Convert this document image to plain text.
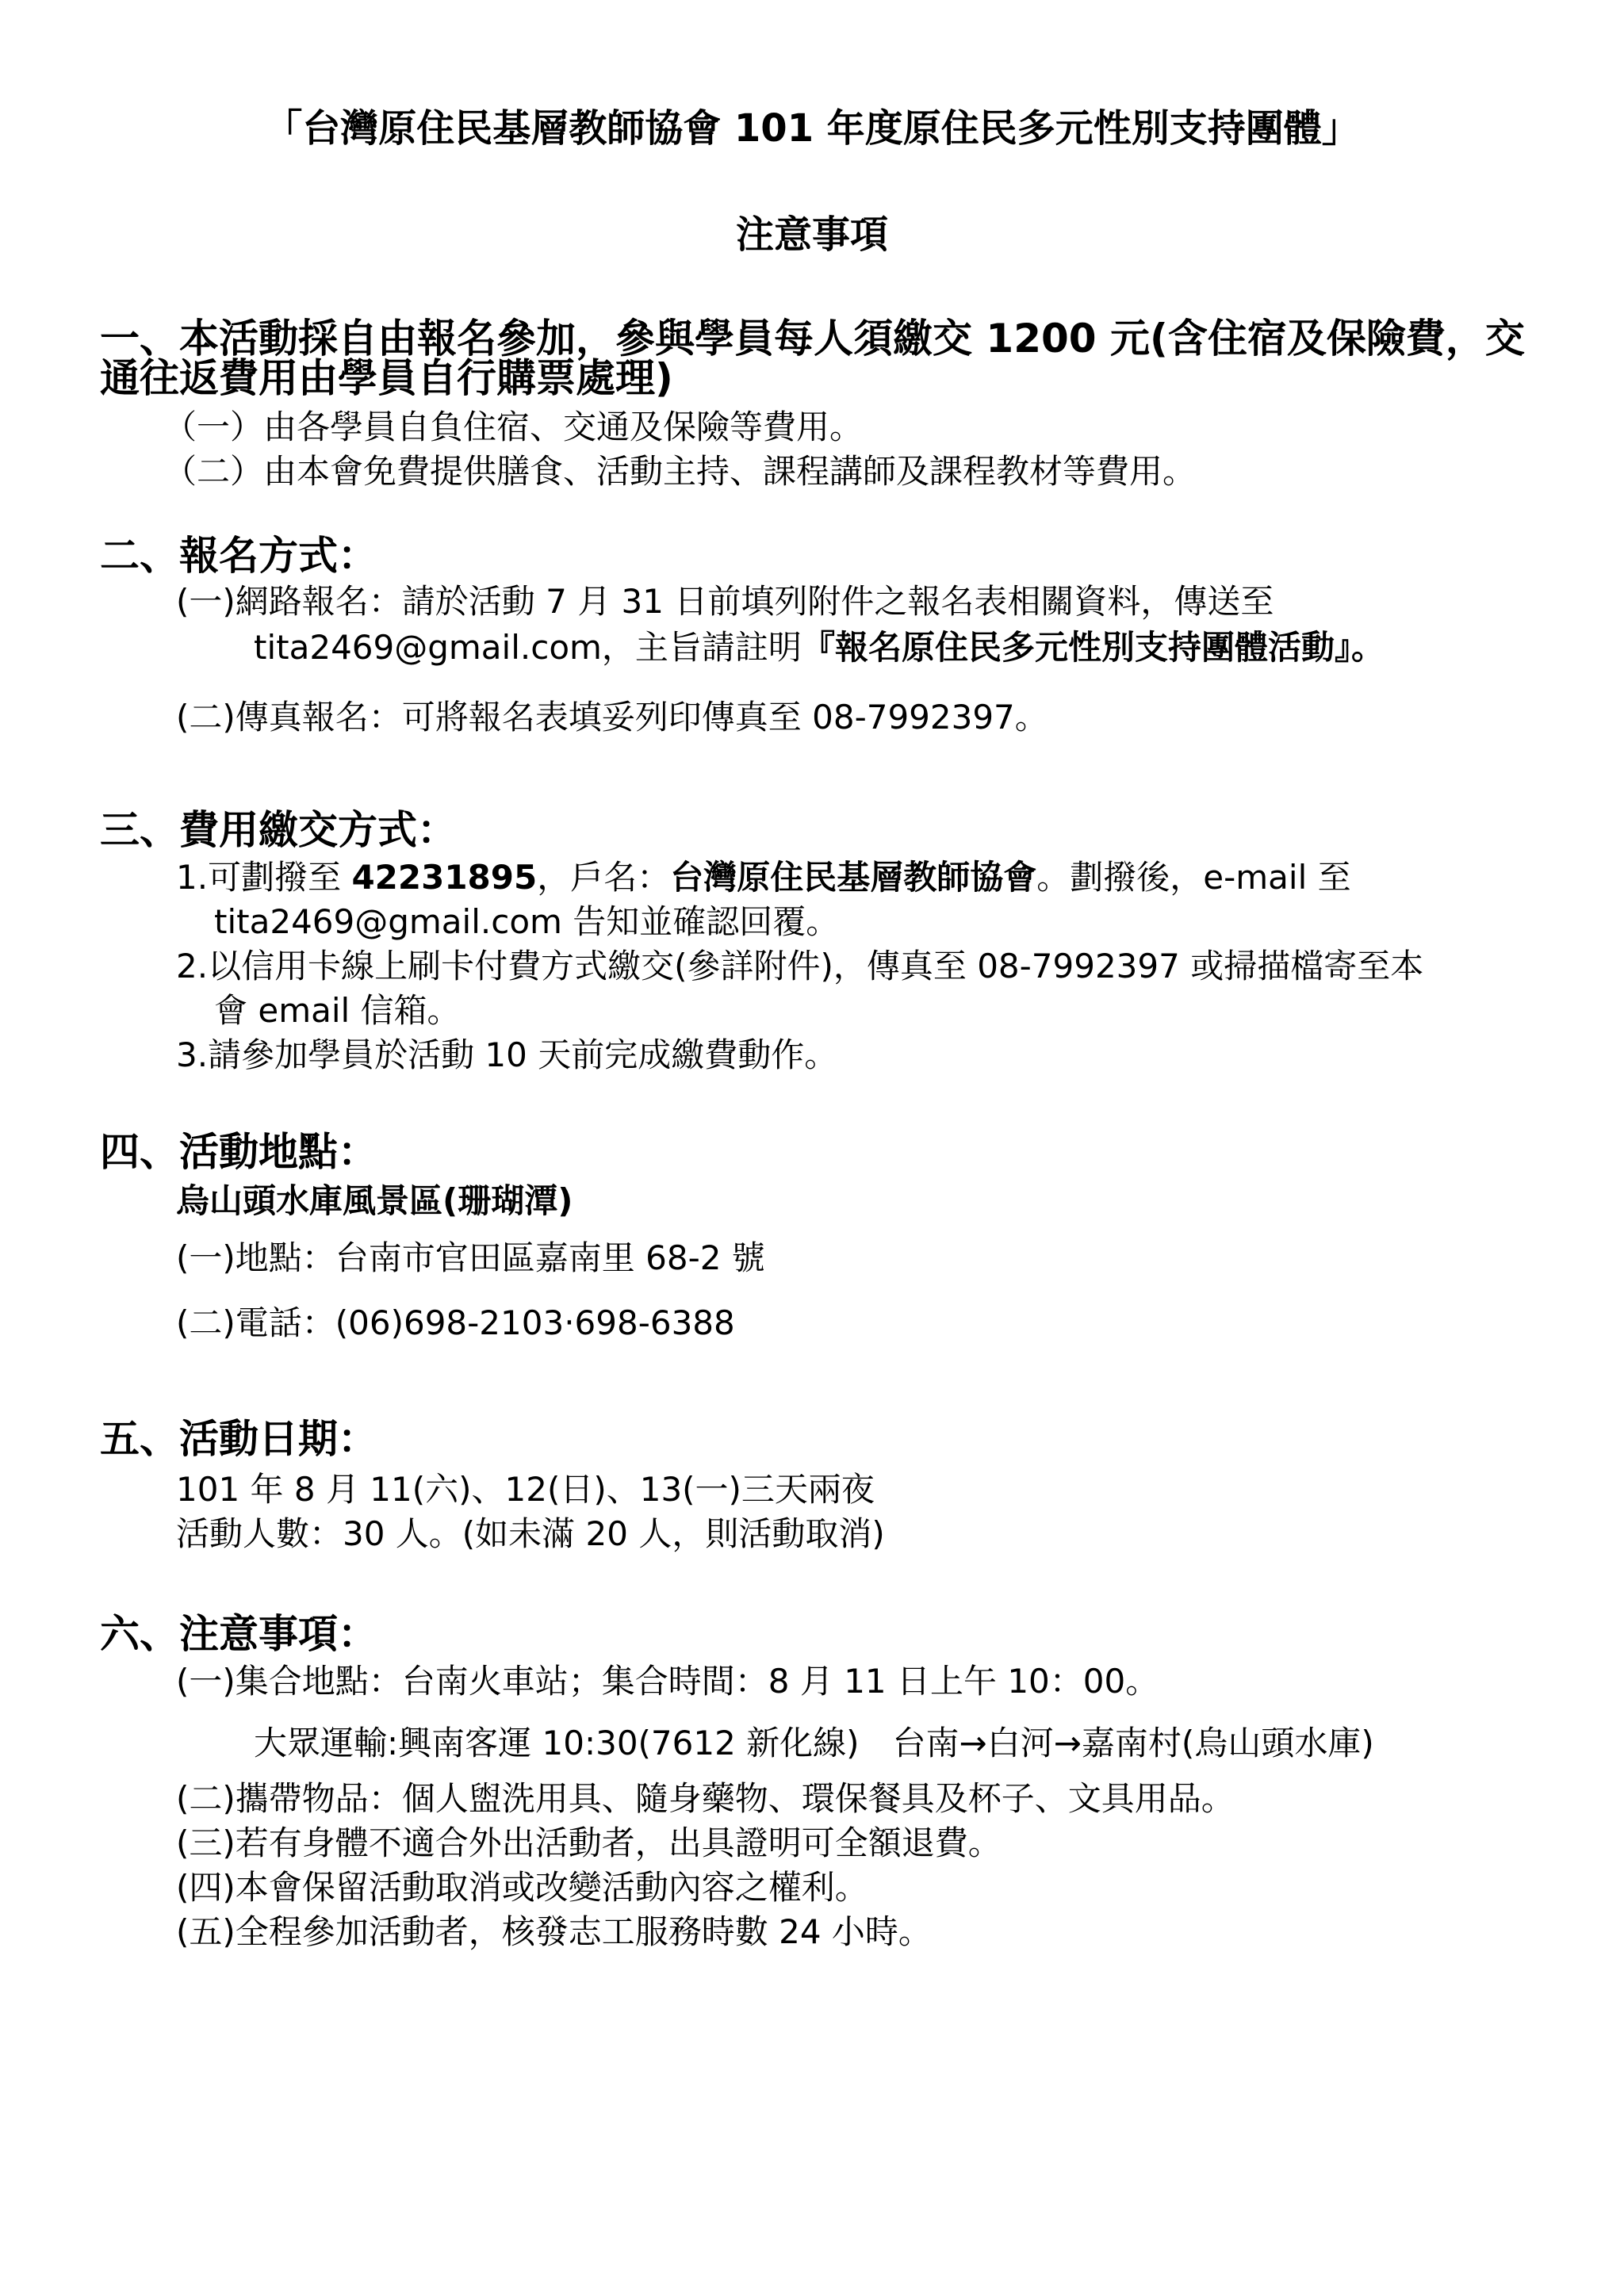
「台灣原住民基層教師協會 101 年度原住民多元性別支持團體」
注意事項
一、本活動採自由報名參加，參與學員每人須繳交 1200 元(含住宿及保險費，交
通往返費用由學員自行購票處理)
（一）由各學員自負住宿、交通及保險等費用。
（二）由本會免費提供膳食、活動主持、課程講師及課程教材等費用。
二、報名方式：
(一)網路報名：請於活動 7 月 31 日前填列附件之報名表相關資料，傳送至
tita2469@gmail.com，主旨請註明『報名原住民多元性別支持團體活動』。
(二)傳真報名：可將報名表填妥列印傳真至 08-7992397。
三、費用繳交方式：
1.可劃撥至 42231895，戶名：台灣原住民基層教師協會。劃撥後，e-mail 至
tita2469@gmail.com 告知並確認回覆。
2.以信用卡線上刷卡付費方式繳交(參詳附件)，傳真至 08-7992397 或掃描檔寄至本
會 email 信箱。
3.請參加學員於活動 10 天前完成繳費動作。
四、活動地點：
烏山頭水庫風景區(珊瑚潭)
(一)地點：台南市官田區嘉南里 68-2 號
(二)電話：(06)698-2103‧698-6388
五、活動日期：
101 年 8 月 11(六)、12(日)、13(一)三天兩夜
活動人數：30 人。(如未滿 20 人，則活動取消)
六、注意事項：
(一)集合地點：台南火車站；集合時間：8 月 11 日上午 10：00。
大眾運輸:興南客運 10:30(7612 新化線)　台南→白河→嘉南村(烏山頭水庫)
(二)攜帶物品：個人盥洗用具、隨身藥物、環保餐具及杯子、文具用品。
(三)若有身體不適合外出活動者，出具證明可全額退費。
(四)本會保留活動取消或改變活動內容之權利。
(五)全程參加活動者，核發志工服務時數 24 小時。
